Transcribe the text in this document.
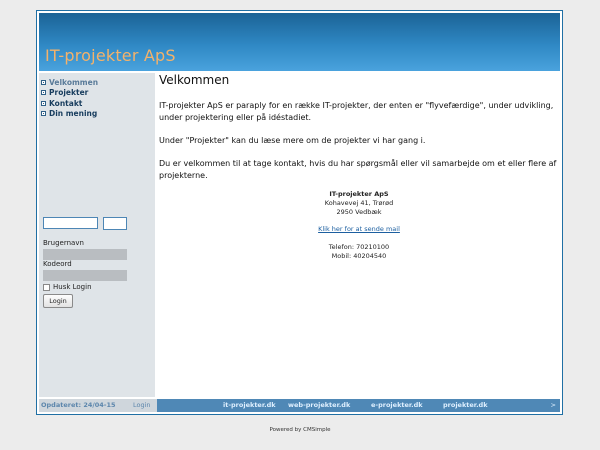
IT-projekter ApS
Velkommen
Projekter
Kontakt
Din mening
Brugernavn
Kodeord
Husk Login
Login
Velkommen
IT-projekter ApS er paraply for en række IT-projekter, der enten er "flyvefærdige", under udvikling, under projektering eller på idéstadiet.
Under "Projekter" kan du læse mere om de projekter vi har gang i.
Du er velkommen til at tage kontakt, hvis du har spørgsmål eller vil samarbejde om et eller flere af projekterne.
IT-projekter ApS
Kohavevej 41, Trørød
2950 Vedbæk
Klik her for at sende mail
Telefon: 70210100
Mobil: 40204540
Opdateret: 24/04-15	Login	it-projekter.dk web-projekter.dk	e-projekter.dk	projekter.dk	>
Powered by CMSimple
